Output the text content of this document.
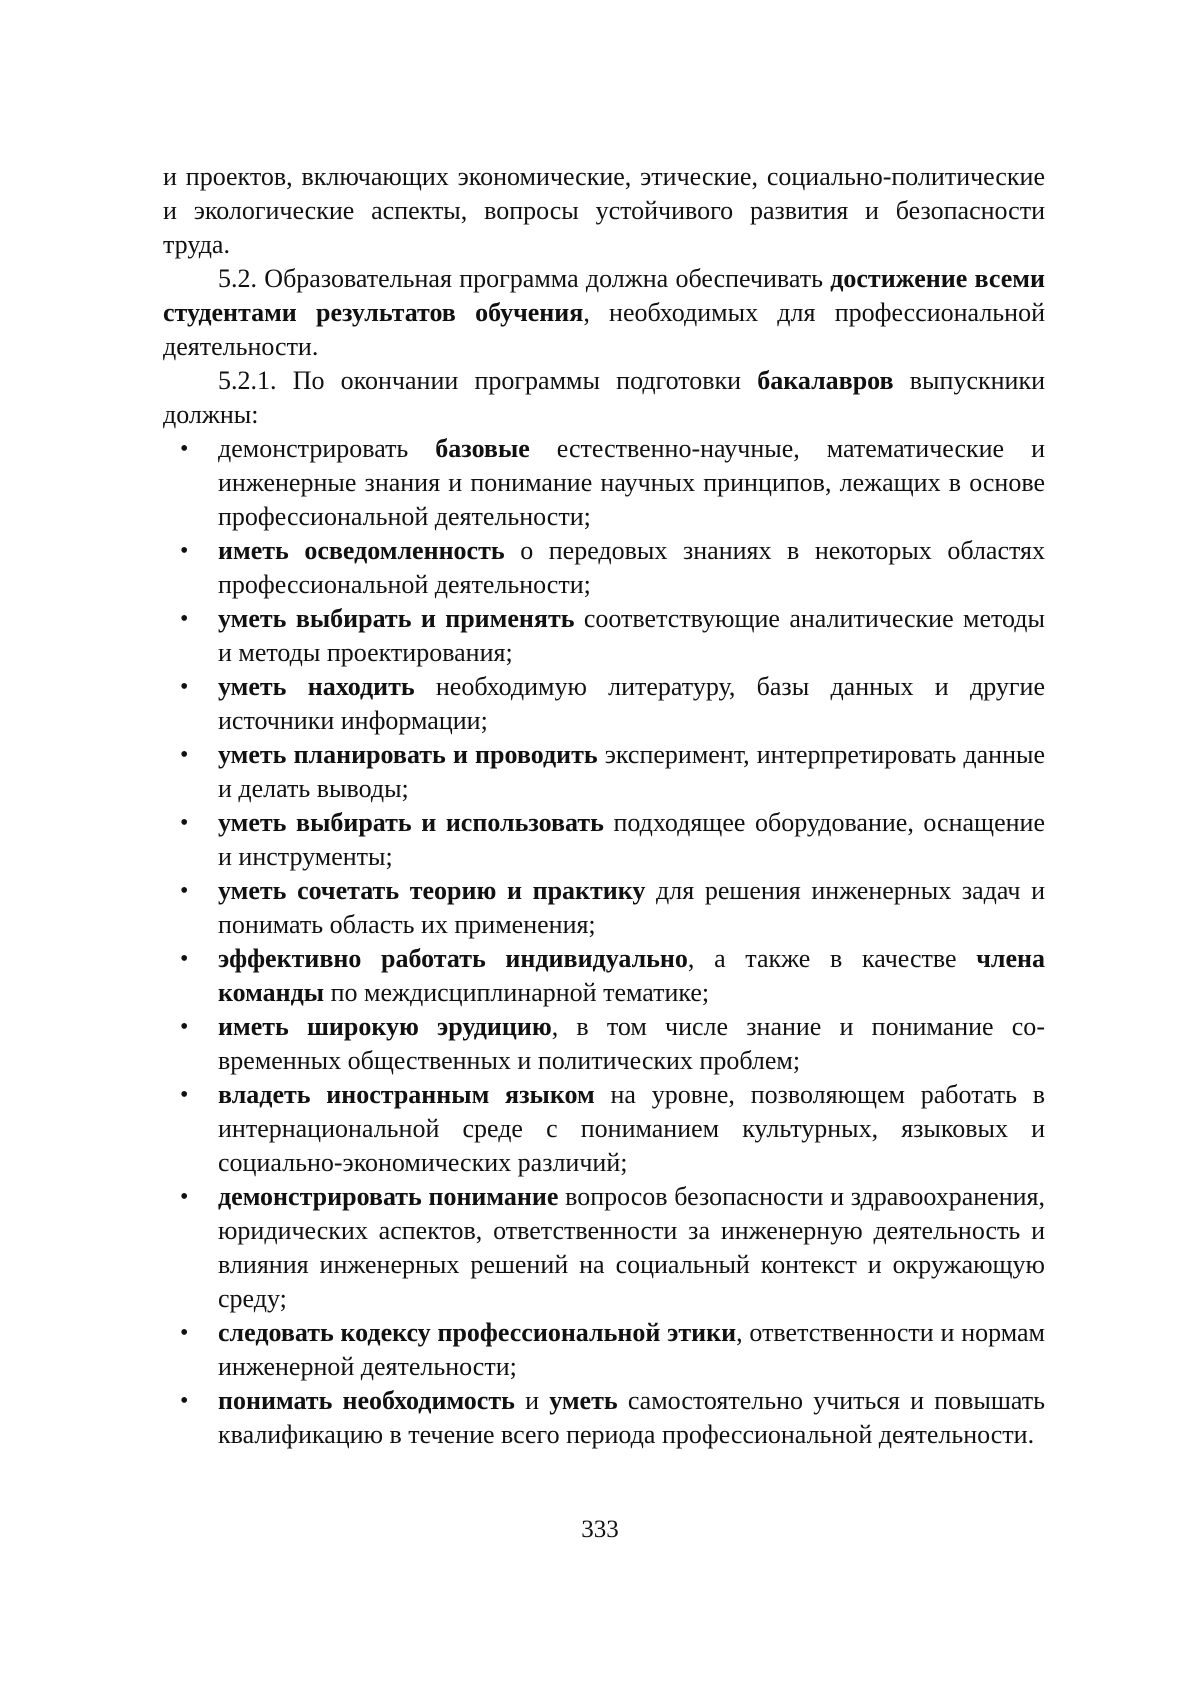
и проектов, включающих экономические, этические, социально-политические и экологические аспекты, вопросы устойчивого развития и безопасности труда.

5.2. Образовательная программа должна обеспечивать достижение всеми студентами результатов обучения, необходимых для профессиональной деятельности.

5.2.1. По окончании программы подготовки бакалавров выпускники должны:

• демонстрировать базовые естественно-научные, математические и инженерные знания и понимание научных принципов, лежащих в основе профессиональной деятельности;
• иметь осведомленность о передовых знаниях в некоторых областях профессиональной деятельности;
• уметь выбирать и применять соответствующие аналитические методы и методы проектирования;
• уметь находить необходимую литературу, базы данных и другие источники информации;
• уметь планировать и проводить эксперимент, интерпретировать данные и делать выводы;
• уметь выбирать и использовать подходящее оборудование, оснащение и инструменты;
• уметь сочетать теорию и практику для решения инженерных задач и понимать область их применения;
• эффективно работать индивидуально, а также в качестве члена команды по междисциплинарной тематике;
• иметь широкую эрудицию, в том числе знание и понимание современных общественных и политических проблем;
• владеть иностранным языком на уровне, позволяющем работать в интернациональной среде с пониманием культурных, языковых и социально-экономических различий;
• демонстрировать понимание вопросов безопасности и здравоохранения, юридических аспектов, ответственности за инженерную деятельность и влияния инженерных решений на социальный контекст и окружающую среду;
• следовать кодексу профессиональной этики, ответственности и нормам инженерной деятельности;
• понимать необходимость и уметь самостоятельно учиться и повышать квалификацию в течение всего периода профессиональной деятельности.
333
